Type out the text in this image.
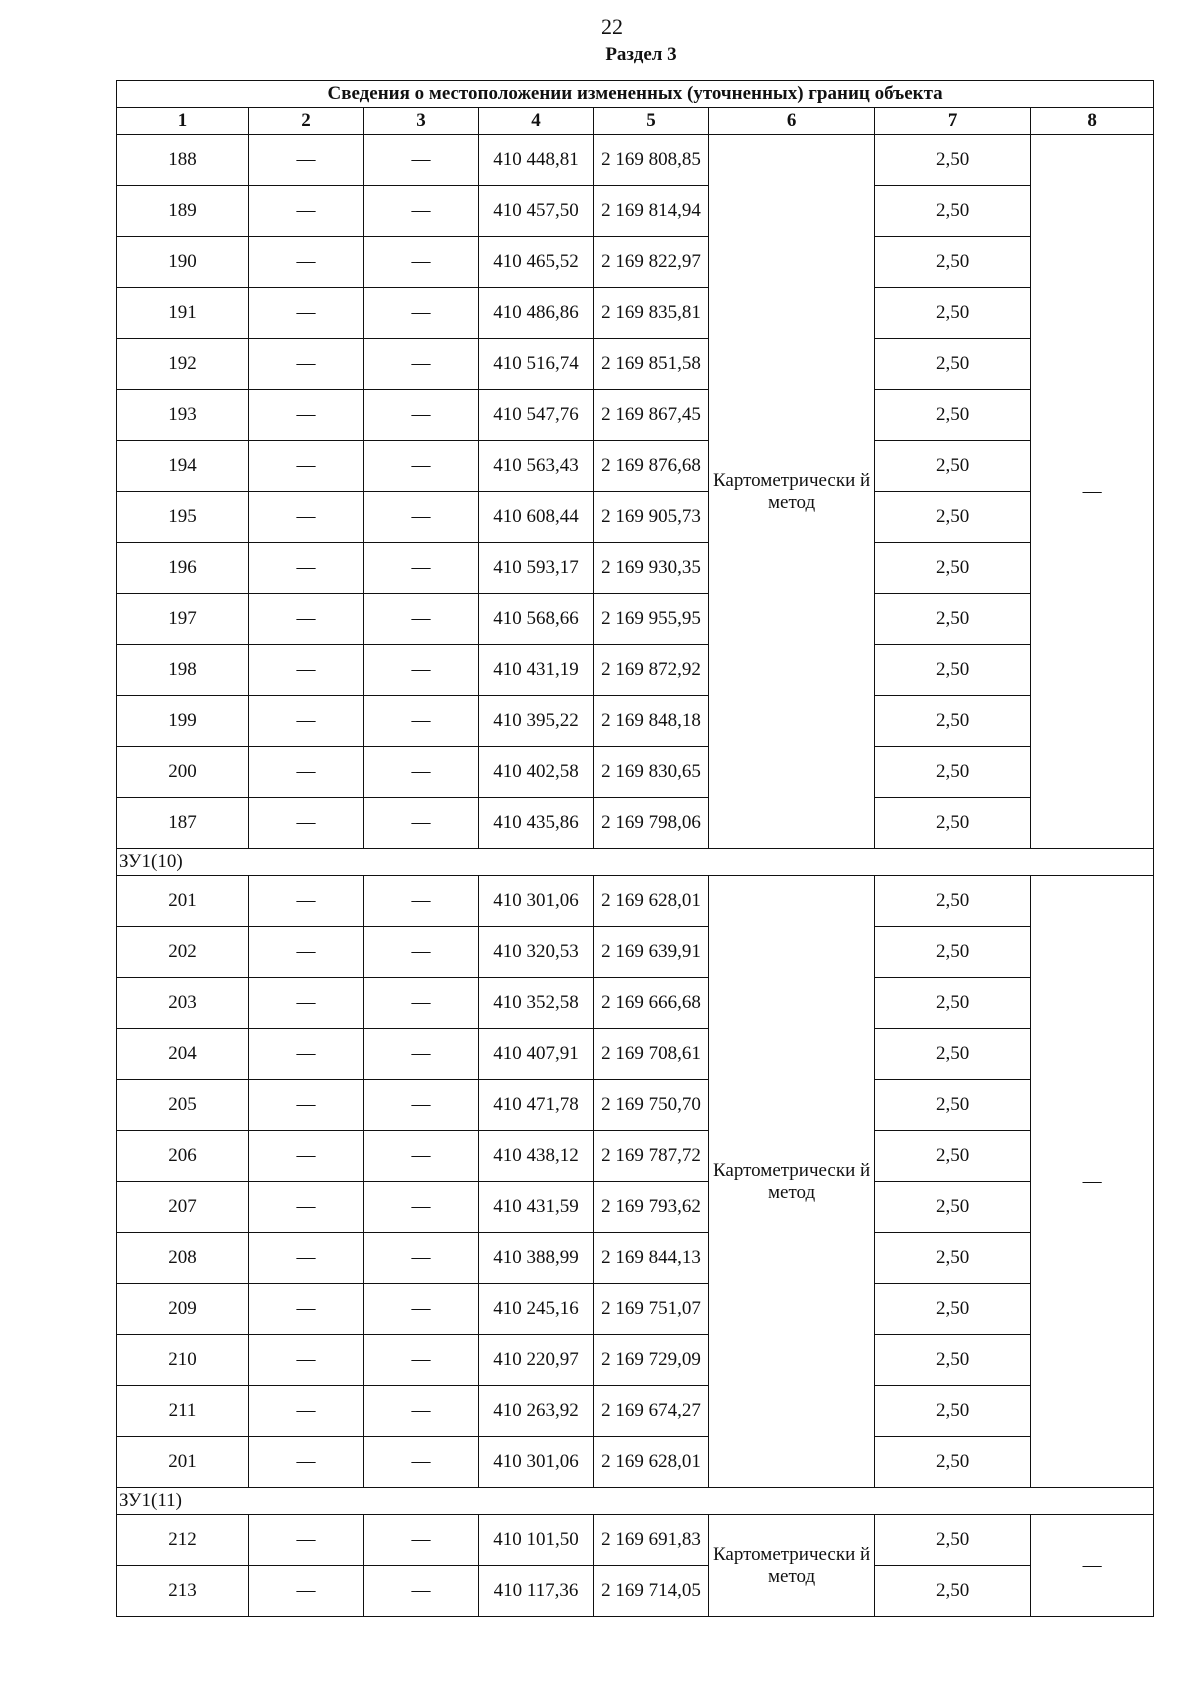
22
Раздел 3
Сведения о местоположении измененных (уточненных) границ объекта							
1	2	3	4	5	6	7	8
188	—	—	410 448,81	2 169 808,85	Картометрически й метод	2,50	—
189	—	—	410 457,50	2 169 814,94		2,50	
190	—	—	410 465,52	2 169 822,97		2,50	
191	—	—	410 486,86	2 169 835,81		2,50	
192	—	—	410 516,74	2 169 851,58		2,50	
193	—	—	410 547,76	2 169 867,45		2,50	
194	—	—	410 563,43	2 169 876,68		2,50	
195	—	—	410 608,44	2 169 905,73		2,50	
196	—	—	410 593,17	2 169 930,35		2,50	
197	—	—	410 568,66	2 169 955,95		2,50	
198	—	—	410 431,19	2 169 872,92		2,50	
199	—	—	410 395,22	2 169 848,18		2,50	
200	—	—	410 402,58	2 169 830,65		2,50	
187	—	—	410 435,86	2 169 798,06		2,50	
ЗУ1(10)							
201	—	—	410 301,06	2 169 628,01	Картометрически й метод	2,50	—
202	—	—	410 320,53	2 169 639,91		2,50	
203	—	—	410 352,58	2 169 666,68		2,50	
204	—	—	410 407,91	2 169 708,61		2,50	
205	—	—	410 471,78	2 169 750,70		2,50	
206	—	—	410 438,12	2 169 787,72		2,50	
207	—	—	410 431,59	2 169 793,62		2,50	
208	—	—	410 388,99	2 169 844,13		2,50	
209	—	—	410 245,16	2 169 751,07		2,50	
210	—	—	410 220,97	2 169 729,09		2,50	
211	—	—	410 263,92	2 169 674,27		2,50	
201	—	—	410 301,06	2 169 628,01		2,50	
ЗУ1(11)							
212	—	—	410 101,50	2 169 691,83	Картометрически й метод	2,50	—
213	—	—	410 117,36	2 169 714,05		2,50	
